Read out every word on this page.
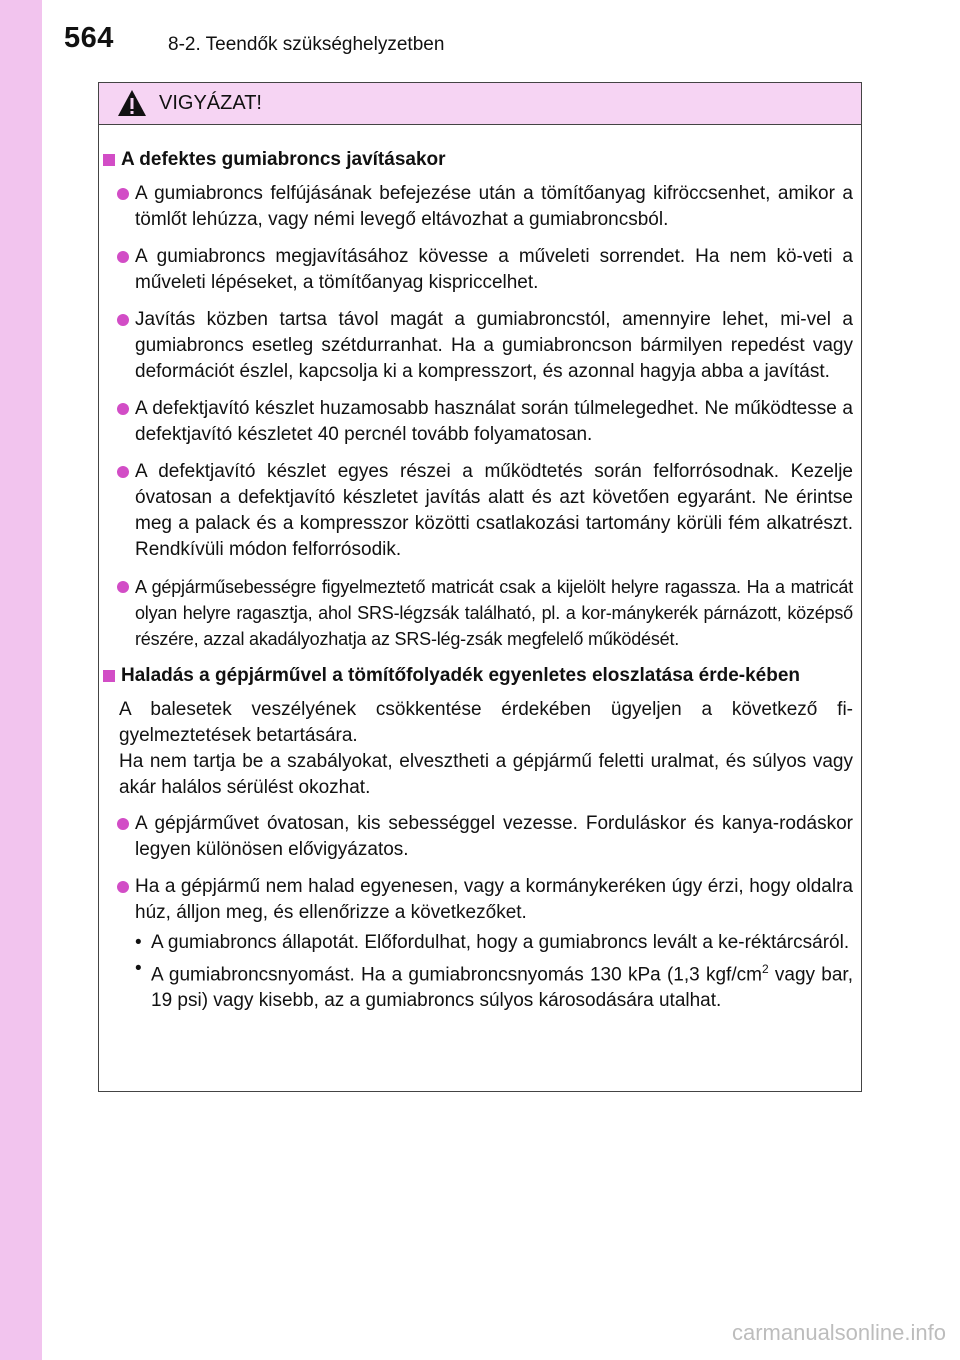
564	8-2. Teendők szükséghelyzetben
VIGYÁZAT!
A defektes gumiabroncs javításakor
A gumiabroncs felfújásának befejezése után a tömítőanyag kifröccsenhet, amikor a tömlőt lehúzza, vagy némi levegő eltávozhat a gumiabroncsból.
A gumiabroncs megjavításához kövesse a műveleti sorrendet. Ha nem kö-veti a műveleti lépéseket, a tömítőanyag kispriccelhet.
Javítás közben tartsa távol magát a gumiabroncstól, amennyire lehet, mi-vel a gumiabroncs esetleg szétdurranhat. Ha a gumiabroncson bármilyen repedést vagy deformációt észlel, kapcsolja ki a kompresszort, és azonnal hagyja abba a javítást.
A defektjavító készlet huzamosabb használat során túlmelegedhet. Ne működtesse a defektjavító készletet 40 percnél tovább folyamatosan.
A defektjavító készlet egyes részei a működtetés során felforrósodnak. Kezelje óvatosan a defektjavító készletet javítás alatt és azt követően egyaránt. Ne érintse meg a palack és a kompresszor közötti csatlakozási tartomány körüli fém alkatrészt. Rendkívüli módon felforrósodik.
A gépjárműsebességre figyelmeztető matricát csak a kijelölt helyre ragassza. Ha a matricát olyan helyre ragasztja, ahol SRS-légzsák található, pl. a kor-mánykerék párnázott, középső részére, azzal akadályozhatja az SRS-lég-zsák megfelelő működését.
Haladás a gépjárművel a tömítőfolyadék egyenletes eloszlatása érde-kében
A balesetek veszélyének csökkentése érdekében ügyeljen a következő fi-gyelmeztetések betartására.
Ha nem tartja be a szabályokat, elvesztheti a gépjármű feletti uralmat, és súlyos vagy akár halálos sérülést okozhat.
A gépjárművet óvatosan, kis sebességgel vezesse. Forduláskor és kanya-rodáskor legyen különösen elővigyázatos.
Ha a gépjármű nem halad egyenesen, vagy a kormánykeréken úgy érzi, hogy oldalra húz, álljon meg, és ellenőrizze a következőket.
• A gumiabroncs állapotát. Előfordulhat, hogy a gumiabroncs levált a ke-réktárcsáról.
• A gumiabroncsnyomást. Ha a gumiabroncsnyomás 130 kPa (1,3 kgf/$cm^2$ vagy bar, 19 psi) vagy kisebb, az a gumiabroncs súlyos károsodására utalhat.
carmanualsonline.info
